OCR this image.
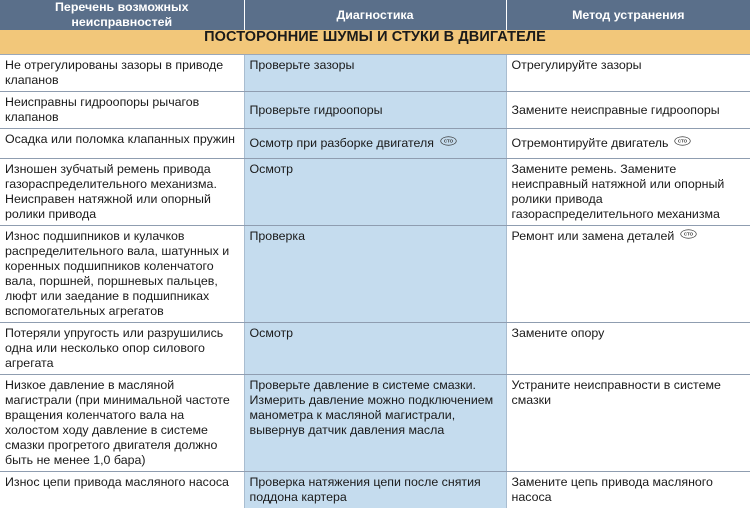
Перечень возможных неисправностей	Диагностика	Метод устранения
ПОСТОРОННИЕ ШУМЫ И СТУКИ В ДВИГАТЕЛЕ		
Не отрегулированы зазоры в приводе клапанов	Проверьте зазоры	Отрегулируйте зазоры
Неисправны гидроопоры рычагов клапанов	Проверьте гидроопоры	Замените неисправные гидроопоры
Осадка или поломка клапанных пружин	Осмотр при разборке двигателя	Отремонтируйте двигатель
Изношен зубчатый ремень привода газораспределительного механизма. Неисправен натяжной или опорный ролики привода	Осмотр	Замените ремень. Замените неисправный натяжной или опорный ролики привода газораспределительного механизма
Износ подшипников и кулачков распределительного вала, шатунных и коренных подшипников коленчатого вала, поршней, поршневых пальцев, люфт или заедание в подшипниках вспомогательных агрегатов	Проверка	Ремонт или замена деталей
Потеряли упругость или разрушились одна или несколько опор силового агрегата	Осмотр	Замените опору
Низкое давление в масляной магистрали (при минимальной частоте вращения коленчатого вала на холостом ходу давление в системе смазки прогретого двигателя должно быть не менее 1,0 бара)	Проверьте давление в системе смазки. Измерить давление можно подключением манометра к масляной магистрали, вывернув датчик давления масла	Устраните неисправности в системе смазки
Износ цепи привода масляного насоса	Проверка натяжения цепи после снятия поддона картера	Замените цепь привода масляного насоса
